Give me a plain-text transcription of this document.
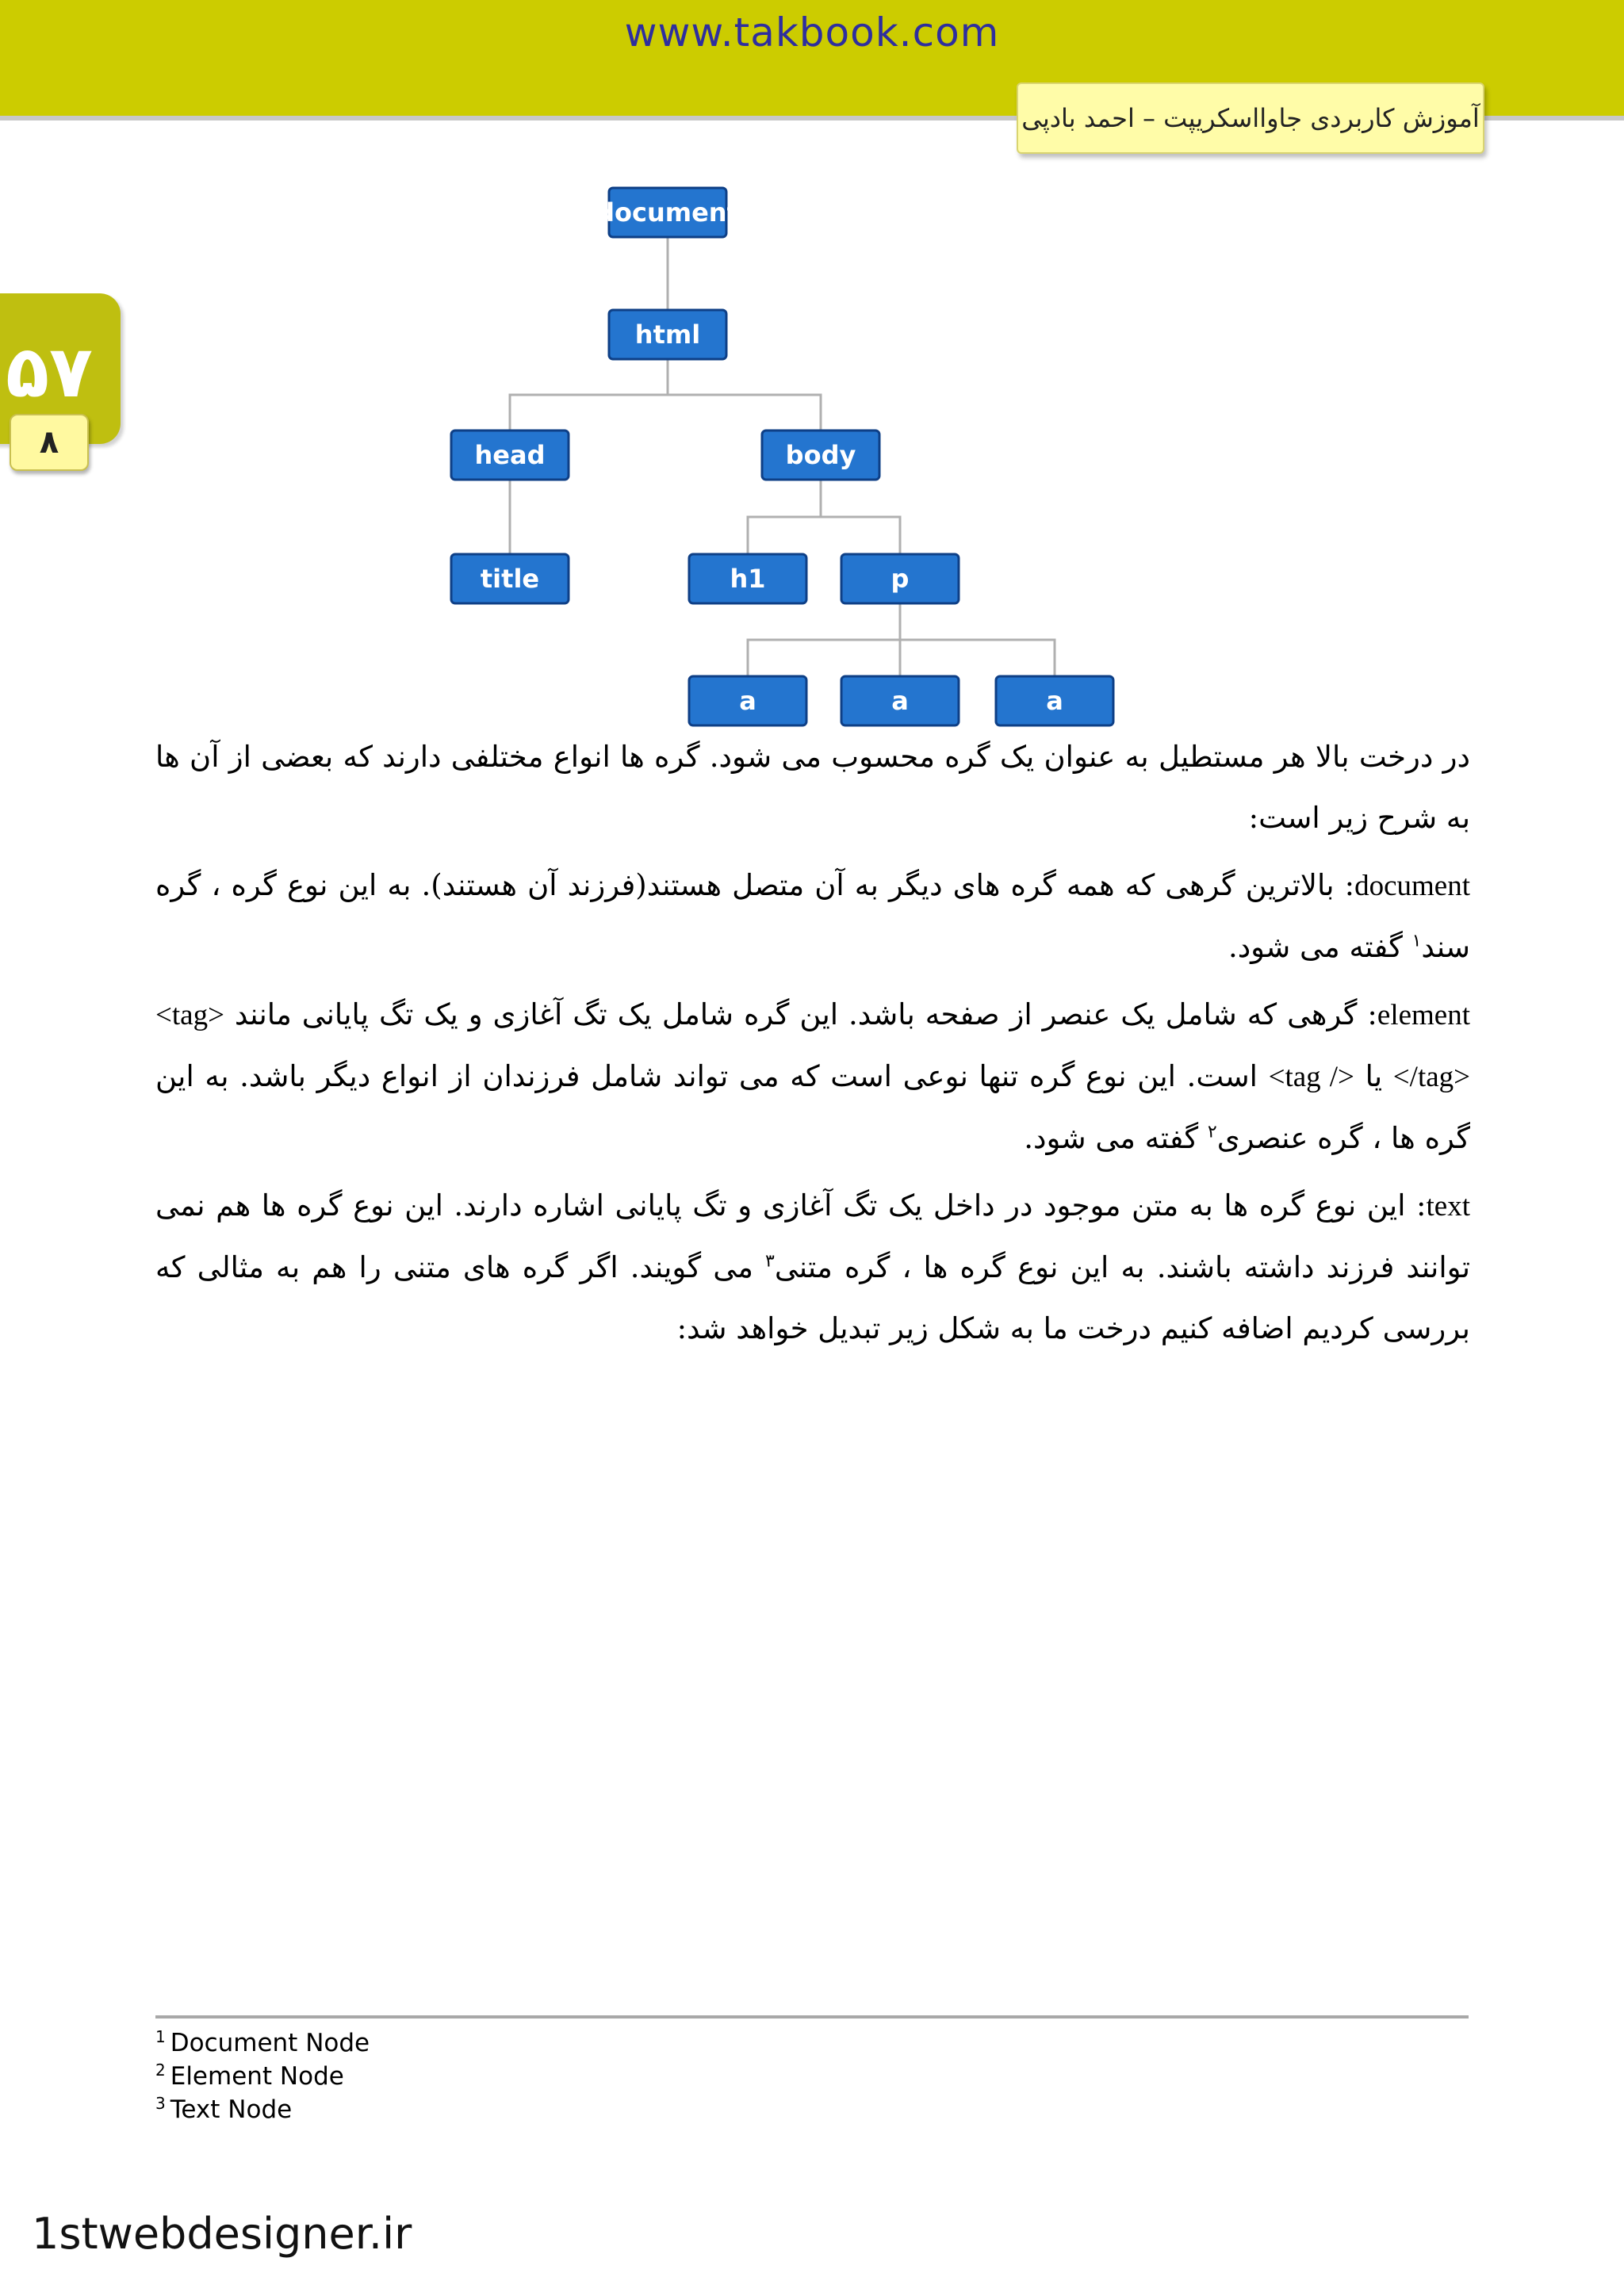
www.takbook.com
آموزش کاربردی جاوااسکریپت – احمد بادپی
۵۷
۸
document
html
head	body
title	h1	p
a	a	a

در درخت بالا هر مستطیل به عنوان یک گره محسوب می شود. گره ها انواع مختلفی دارند که بعضی از آن ها به شرح زیر است:

document: بالاترین گرهی که همه گره های دیگر به آن متصل هستند(فرزند آن هستند). به این نوع گره ، گره سند$^۱$ گفته می شود.

element: گرهی که شامل یک عنصر از صفحه باشد. این گره شامل یک تگ آغازی و یک تگ پایانی مانند <tag></tag> یا <tag /> است. این نوع گره تنها نوعی است که می تواند شامل فرزندان از انواع دیگر باشد. به این گره ها ، گره عنصری$^۲$ گفته می شود.

text: این نوع گره ها به متن موجود در داخل یک تگ آغازی و تگ پایانی اشاره دارند. این نوع گره ها هم نمی توانند فرزند داشته باشند. به این نوع گره ها ، گره متنی$^۳$ می گویند. اگر گره های متنی را هم به مثالی که بررسی کردیم اضافه کنیم درخت ما به شکل زیر تبدیل خواهد شد:

$^1$ Document Node
$^2$ Element Node
$^3$ Text Node
1stwebdesigner.ir
